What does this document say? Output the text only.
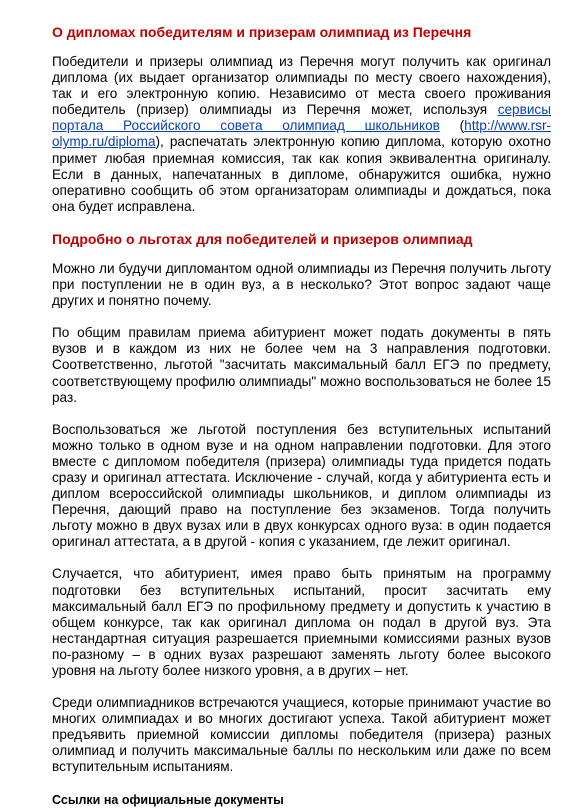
О дипломах победителям и призерам олимпиад из Перечня

Победители и призеры олимпиад из Перечня могут получить как оригинал диплома (их выдает организатор олимпиады по месту своего нахождения), так и его электронную копию. Независимо от места своего проживания победитель (призер) олимпиады из Перечня может, используя сервисы портала Российского совета олимпиад школьников (http://www.rsr-olymp.ru/diploma), распечатать электронную копию диплома, которую охотно примет любая приемная комиссия, так как копия эквивалентна оригиналу. Если в данных, напечатанных в дипломе, обнаружится ошибка, нужно оперативно сообщить об этом организаторам олимпиады и дождаться, пока она будет исправлена.

Подробно о льготах для победителей и призеров олимпиад

Можно ли будучи дипломантом одной олимпиады из Перечня получить льготу при поступлении не в один вуз, а в несколько? Этот вопрос задают чаще других и понятно почему.

По общим правилам приема абитуриент может подать документы в пять вузов и в каждом из них не более чем на 3 направления подготовки. Соответственно, льготой "засчитать максимальный балл ЕГЭ по предмету, соответствующему профилю олимпиады" можно воспользоваться не более 15 раз.

Воспользоваться же льготой поступления без вступительных испытаний можно только в одном вузе и на одном направлении подготовки. Для этого вместе с дипломом победителя (призера) олимпиады туда придется подать сразу и оригинал аттестата. Исключение - случай, когда у абитуриента есть и диплом всероссийской олимпиады школьников, и диплом олимпиады из Перечня, дающий право на поступление без экзаменов. Тогда получить льготу можно в двух вузах или в двух конкурсах одного вуза: в один подается оригинал аттестата, а в другой - копия с указанием, где лежит оригинал.

Случается, что абитуриент, имея право быть принятым на программу подготовки без вступительных испытаний, просит засчитать ему максимальный балл ЕГЭ по профильному предмету и допустить к участию в общем конкурсе, так как оригинал диплома он подал в другой вуз. Эта нестандартная ситуация разрешается приемными комиссиями разных вузов по-разному – в одних вузах разрешают заменять льготу более высокого уровня на льготу более низкого уровня, а в других – нет.

Среди олимпиадников встречаются учащиеся, которые принимают участие во многих олимпиадах и во многих достигают успеха. Такой абитуриент может предъявить приемной комиссии дипломы победителя (призера) разных олимпиад и получить максимальные баллы по нескольким или даже по всем вступительным испытаниям.

Ссылки на официальные документы
